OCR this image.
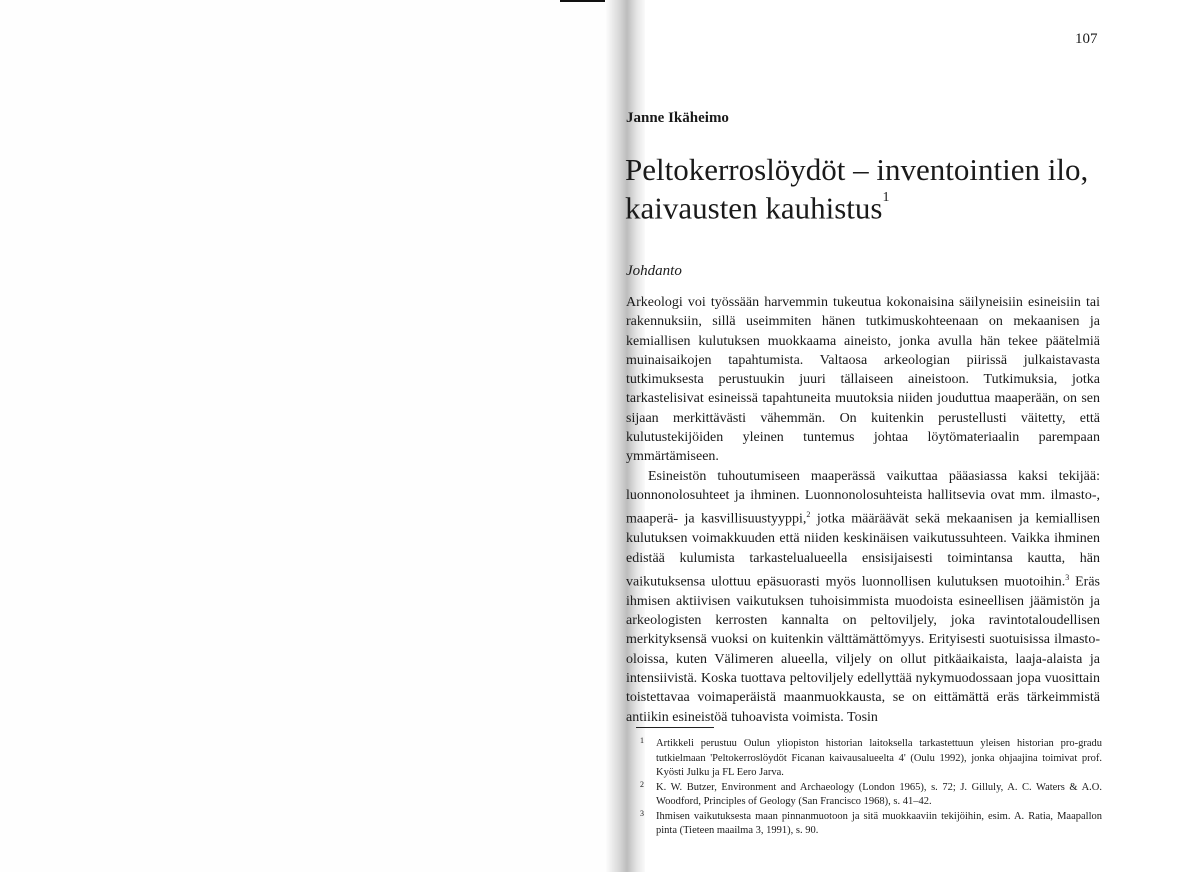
107
Janne Ikäheimo
Peltokerroslöydöt – inventointien ilo, kaivausten kauhistus$^1$
Johdanto

Arkeologi voi työssään harvemmin tukeutua kokonaisina säilyneisiin esineisiin tai rakennuksiin, sillä useimmiten hänen tutkimuskohteenaan on mekaanisen ja kemiallisen kulutuksen muokkaama aineisto, jonka avulla hän tekee päätelmiä muinaisaikojen tapahtumista. Valtaosa arkeologian piirissä julkaistavasta tutkimuksesta perustuukin juuri tällaiseen aineistoon. Tutkimuksia, jotka tarkastelisivat esineissä tapahtuneita muutoksia niiden jouduttua maaperään, on sen sijaan merkittävästi vähemmän. On kuitenkin perustellusti väitetty, että kulutustekijöiden yleinen tuntemus johtaa löytömateriaalin parempaan ymmärtämiseen.

Esineistön tuhoutumiseen maaperässä vaikuttaa pääasiassa kaksi tekijää: luonnonolosuhteet ja ihminen. Luonnonolosuhteista hallitsevia ovat mm. ilmasto-, maaperä- ja kasvillisuustyyppi,$^2$ jotka määräävät sekä mekaanisen ja kemiallisen kulutuksen voimakkuuden että niiden keskinäisen vaikutussuhteen. Vaikka ihminen edistää kulumista tarkastelualueella ensisijaisesti toimintansa kautta, hän vaikutuksensa ulottuu epäsuorasti myös luonnollisen kulutuksen muotoihin.$^3$ Eräs ihmisen aktiivisen vaikutuksen tuhoisimmista muodoista esineellisen jäämistön ja arkeologisten kerrosten kannalta on peltoviljely, joka ravintotaloudellisen merkityksensä vuoksi on kuitenkin välttämättömyys. Erityisesti suotuisissa ilmasto-oloissa, kuten Välimeren alueella, viljely on ollut pitkäaikaista, laaja-alaista ja intensiivistä. Koska tuottava peltoviljely edellyttää nykymuodossaan jopa vuosittain toistettavaa voimaperäistä maanmuokkausta, se on eittämättä eräs tärkeimmistä antiikin esineistöä tuhoavista voimista. Tosin

1 Artikkeli perustuu Oulun yliopiston historian laitoksella tarkastettuun yleisen historian pro-gradu tutkielmaan 'Peltokerroslöydöt Ficanan kaivausalueelta 4' (Oulu 1992), jonka ohjaajina toimivat prof. Kyösti Julku ja FL Eero Jarva.
2 K. W. Butzer, Environment and Archaeology (London 1965), s. 72; J. Gilluly, A. C. Waters & A.O. Woodford, Principles of Geology (San Francisco 1968), s. 41–42.
3 Ihmisen vaikutuksesta maan pinnanmuotoon ja sitä muokkaaviin tekijöihin, esim. A. Ratia, Maapallon pinta (Tieteen maailma 3, 1991), s. 90.
